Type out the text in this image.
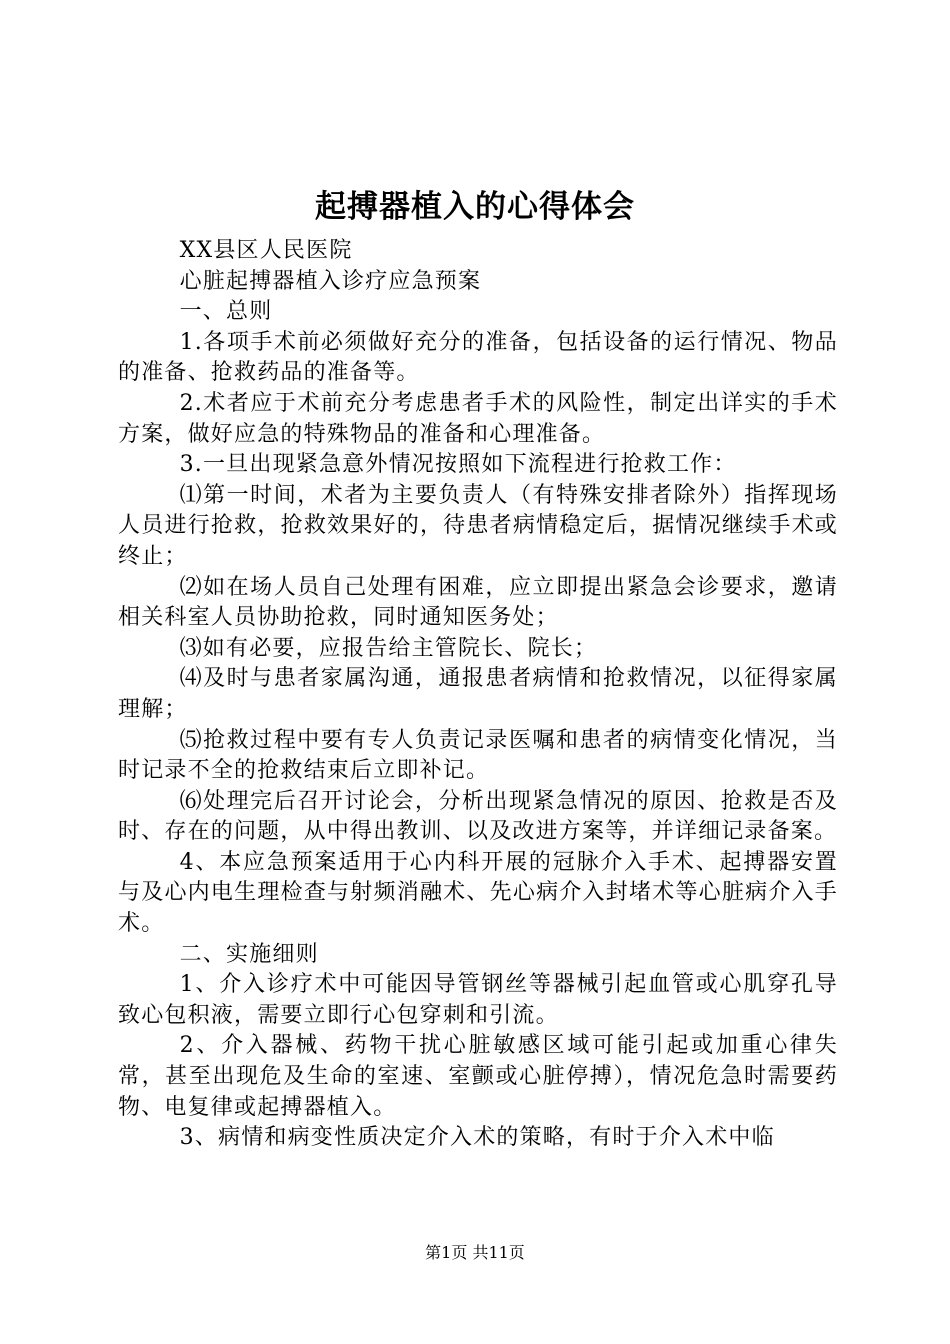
起搏器植入的心得体会

XX县区人民医院

心脏起搏器植入诊疗应急预案

一、总则

1.各项手术前必须做好充分的准备，包括设备的运行情况、物品的准备、抢救药品的准备等。

2.术者应于术前充分考虑患者手术的风险性，制定出详实的手术方案，做好应急的特殊物品的准备和心理准备。

3.一旦出现紧急意外情况按照如下流程进行抢救工作：

⑴第一时间，术者为主要负责人（有特殊安排者除外）指挥现场人员进行抢救，抢救效果好的，待患者病情稳定后，据情况继续手术或终止；

⑵如在场人员自己处理有困难，应立即提出紧急会诊要求，邀请相关科室人员协助抢救，同时通知医务处；

⑶如有必要，应报告给主管院长、院长；

⑷及时与患者家属沟通，通报患者病情和抢救情况，以征得家属理解；

⑸抢救过程中要有专人负责记录医嘱和患者的病情变化情况，当时记录不全的抢救结束后立即补记。

⑹处理完后召开讨论会，分析出现紧急情况的原因、抢救是否及时、存在的问题，从中得出教训、以及改进方案等，并详细记录备案。

4、本应急预案适用于心内科开展的冠脉介入手术、起搏器安置与及心内电生理检查与射频消融术、先心病介入封堵术等心脏病介入手术。

二、实施细则

1、介入诊疗术中可能因导管钢丝等器械引起血管或心肌穿孔导致心包积液，需要立即行心包穿刺和引流。

2、介入器械、药物干扰心脏敏感区域可能引起或加重心律失常，甚至出现危及生命的室速、室颤或心脏停搏），情况危急时需要药物、电复律或起搏器植入。

3、病情和病变性质决定介入术的策略，有时于介入术中临

第1页 共11页
